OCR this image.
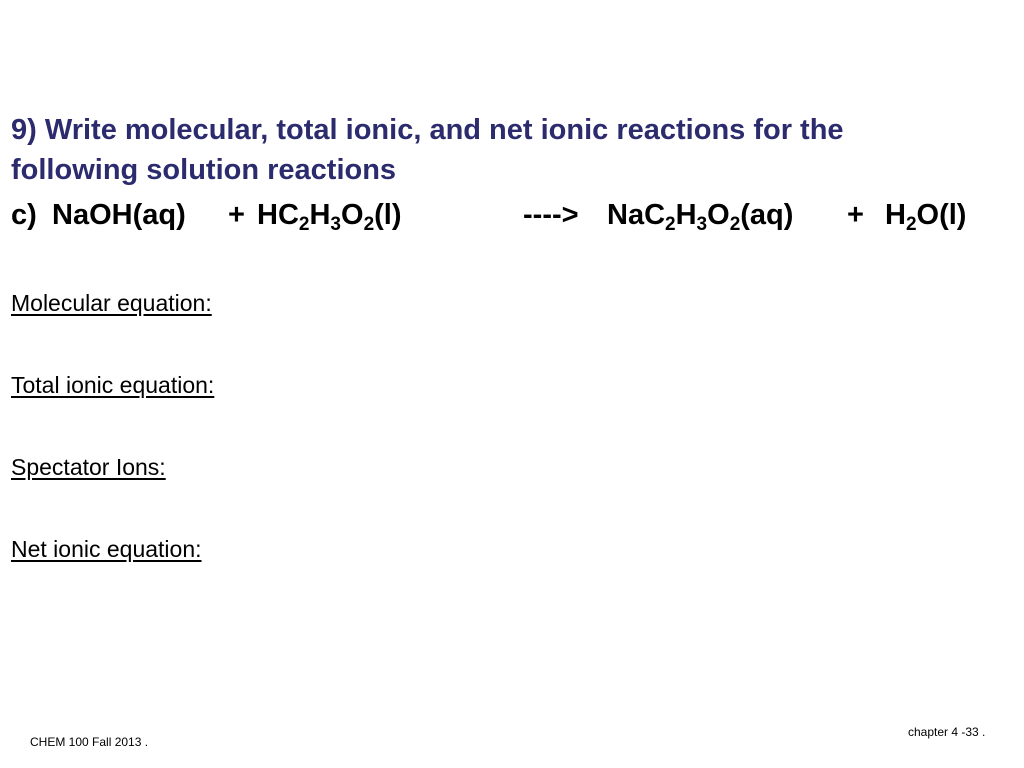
9) Write molecular, total ionic, and net ionic reactions for the
following solution reactions
c) NaOH(aq) + $HC_2H_3O_2(l)$	----> $NaC_2H_3O_2(aq) + H_2O(l)$
Molecular equation:
Total ionic equation:
Spectator Ions:
Net ionic equation:
CHEM 100 Fall 2013 .
chapter 4 -33 .
